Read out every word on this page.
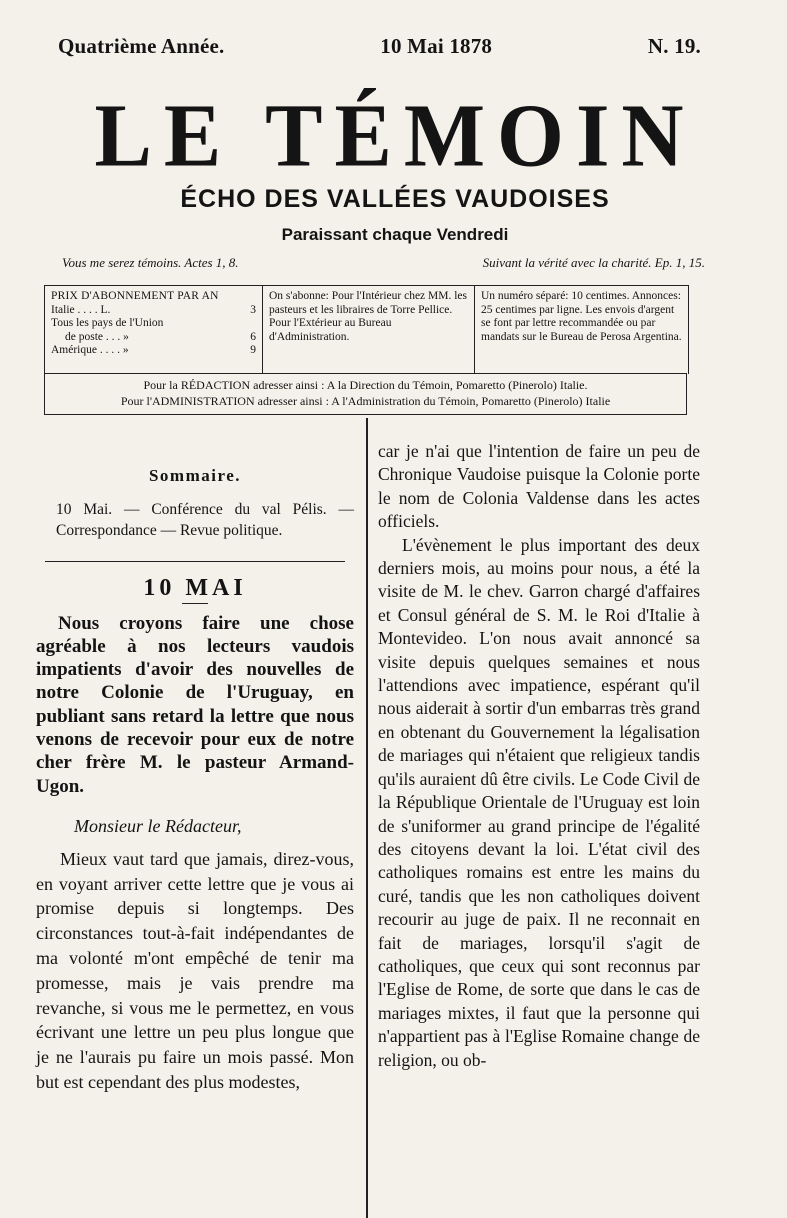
Quatrième Année.	10 Mai 1878	N. 19.
LE TÉMOIN
ÉCHO DES VALLÉES VAUDOISES
Paraissant chaque Vendredi
Vous me serez témoins. Actes 1, 8.	Suivant la vérité avec la charité. Ep. 1, 15.
PRIX D'ABONNEMENT PAR AN
Italie . . . . L.	3
Tous les pays de l'Union
de poste . . . »	6
Amérique . . . . »	9
On s'abonne: Pour l'Intérieur chez MM. les pasteurs et les libraires de Torre Pellice. Pour l'Extérieur au Bureau d'Administration.
Un numéro séparé: 10 centimes. Annonces: 25 centimes par ligne. Les envois d'argent se font par lettre recommandée ou par mandats sur le Bureau de Perosa Argentina.
Pour la RÉDACTION adresser ainsi : A la Direction du Témoin, Pomaretto (Pinerolo) Italie.
Pour l'ADMINISTRATION adresser ainsi : A l'Administration du Témoin, Pomaretto (Pinerolo) Italie
Sommaire.
10 Mai. — Conférence du val Pélis. — Correspondance — Revue politique.
10 MAI

Nous croyons faire une chose agréable à nos lecteurs vaudois impatients d'avoir des nouvelles de notre Colonie de l'Uruguay, en publiant sans retard la lettre que nous venons de recevoir pour eux de notre cher frère M. le pasteur Armand-Ugon.

Monsieur le Rédacteur,

Mieux vaut tard que jamais, direz-vous, en voyant arriver cette lettre que je vous ai promise depuis si longtemps. Des circonstances tout-à-fait indépendantes de ma volonté m'ont empêché de tenir ma promesse, mais je vais prendre ma revanche, si vous me le permettez, en vous écrivant une lettre un peu plus longue que je ne l'aurais pu faire un mois passé. Mon but est cependant des plus modestes,

car je n'ai que l'intention de faire un peu de Chronique Vaudoise puisque la Colonie porte le nom de Colonia Valdense dans les actes officiels.

L'évènement le plus important des deux derniers mois, au moins pour nous, a été la visite de M. le chev. Garron chargé d'affaires et Consul général de S. M. le Roi d'Italie à Montevideo. L'on nous avait annoncé sa visite depuis quelques semaines et nous l'attendions avec impatience, espérant qu'il nous aiderait à sortir d'un embarras très grand en obtenant du Gouvernement la légalisation de mariages qui n'étaient que religieux tandis qu'ils auraient dû être civils. Le Code Civil de la République Orientale de l'Uruguay est loin de s'uniformer au grand principe de l'égalité des citoyens devant la loi. L'état civil des catholiques romains est entre les mains du curé, tandis que les non catholiques doivent recourir au juge de paix. Il ne reconnait en fait de mariages, lorsqu'il s'agit de catholiques, que ceux qui sont reconnus par l'Eglise de Rome, de sorte que dans le cas de mariages mixtes, il faut que la personne qui n'appartient pas à l'Eglise Romaine change de religion, ou ob-
